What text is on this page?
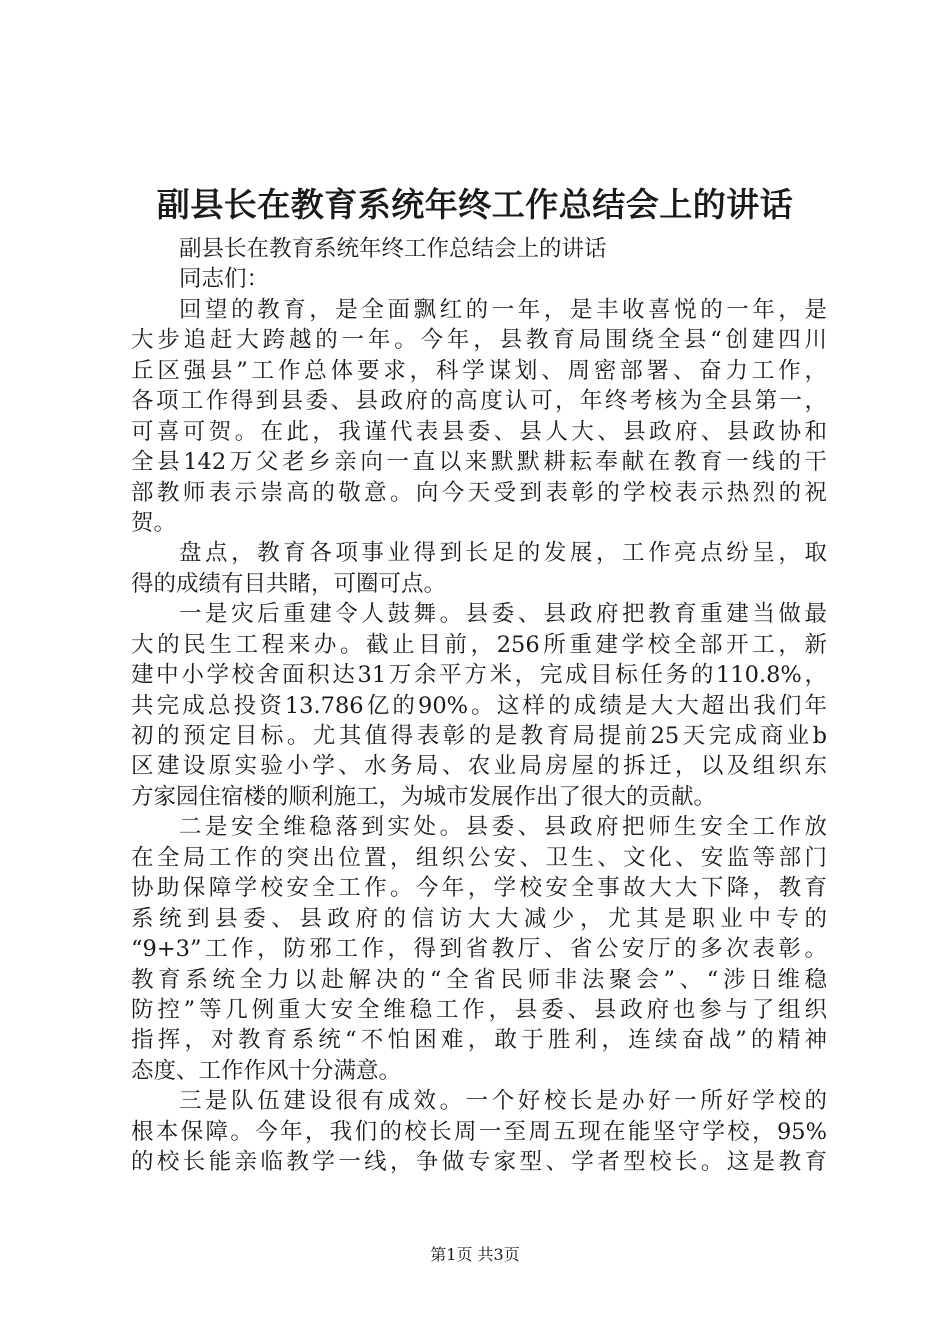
副县长在教育系统年终工作总结会上的讲话
副县长在教育系统年终工作总结会上的讲话
同志们：
回望的教育，是全面飘红的一年，是丰收喜悦的一年，是
大步追赶大跨越的一年。今年，县教育局围绕全县“创建四川
丘区强县”工作总体要求，科学谋划、周密部署、奋力工作，
各项工作得到县委、县政府的高度认可，年终考核为全县第一，
可喜可贺。在此，我谨代表县委、县人大、县政府、县政协和
全县142万父老乡亲向一直以来默默耕耘奉献在教育一线的干
部教师表示崇高的敬意。向今天受到表彰的学校表示热烈的祝
贺。
盘点，教育各项事业得到长足的发展，工作亮点纷呈，取
得的成绩有目共睹，可圈可点。
一是灾后重建令人鼓舞。县委、县政府把教育重建当做最
大的民生工程来办。截止目前，256所重建学校全部开工，新
建中小学校舍面积达31万余平方米，完成目标任务的110.8%，
共完成总投资13.786亿的90%。这样的成绩是大大超出我们年
初的预定目标。尤其值得表彰的是教育局提前25天完成商业b
区建设原实验小学、水务局、农业局房屋的拆迁，以及组织东
方家园住宿楼的顺利施工，为城市发展作出了很大的贡献。
二是安全维稳落到实处。县委、县政府把师生安全工作放
在全局工作的突出位置，组织公安、卫生、文化、安监等部门
协助保障学校安全工作。今年，学校安全事故大大下降，教育
系统到县委、县政府的信访大大减少，尤其是职业中专的
“9+3”工作，防邪工作，得到省教厅、省公安厅的多次表彰。
教育系统全力以赴解决的“全省民师非法聚会”、“涉日维稳
防控”等几例重大安全维稳工作，县委、县政府也参与了组织
指挥，对教育系统“不怕困难，敢于胜利，连续奋战”的精神
态度、工作作风十分满意。
三是队伍建设很有成效。一个好校长是办好一所好学校的
根本保障。今年，我们的校长周一至周五现在能坚守学校，95%
的校长能亲临教学一线，争做专家型、学者型校长。这是教育
第1页 共3页
